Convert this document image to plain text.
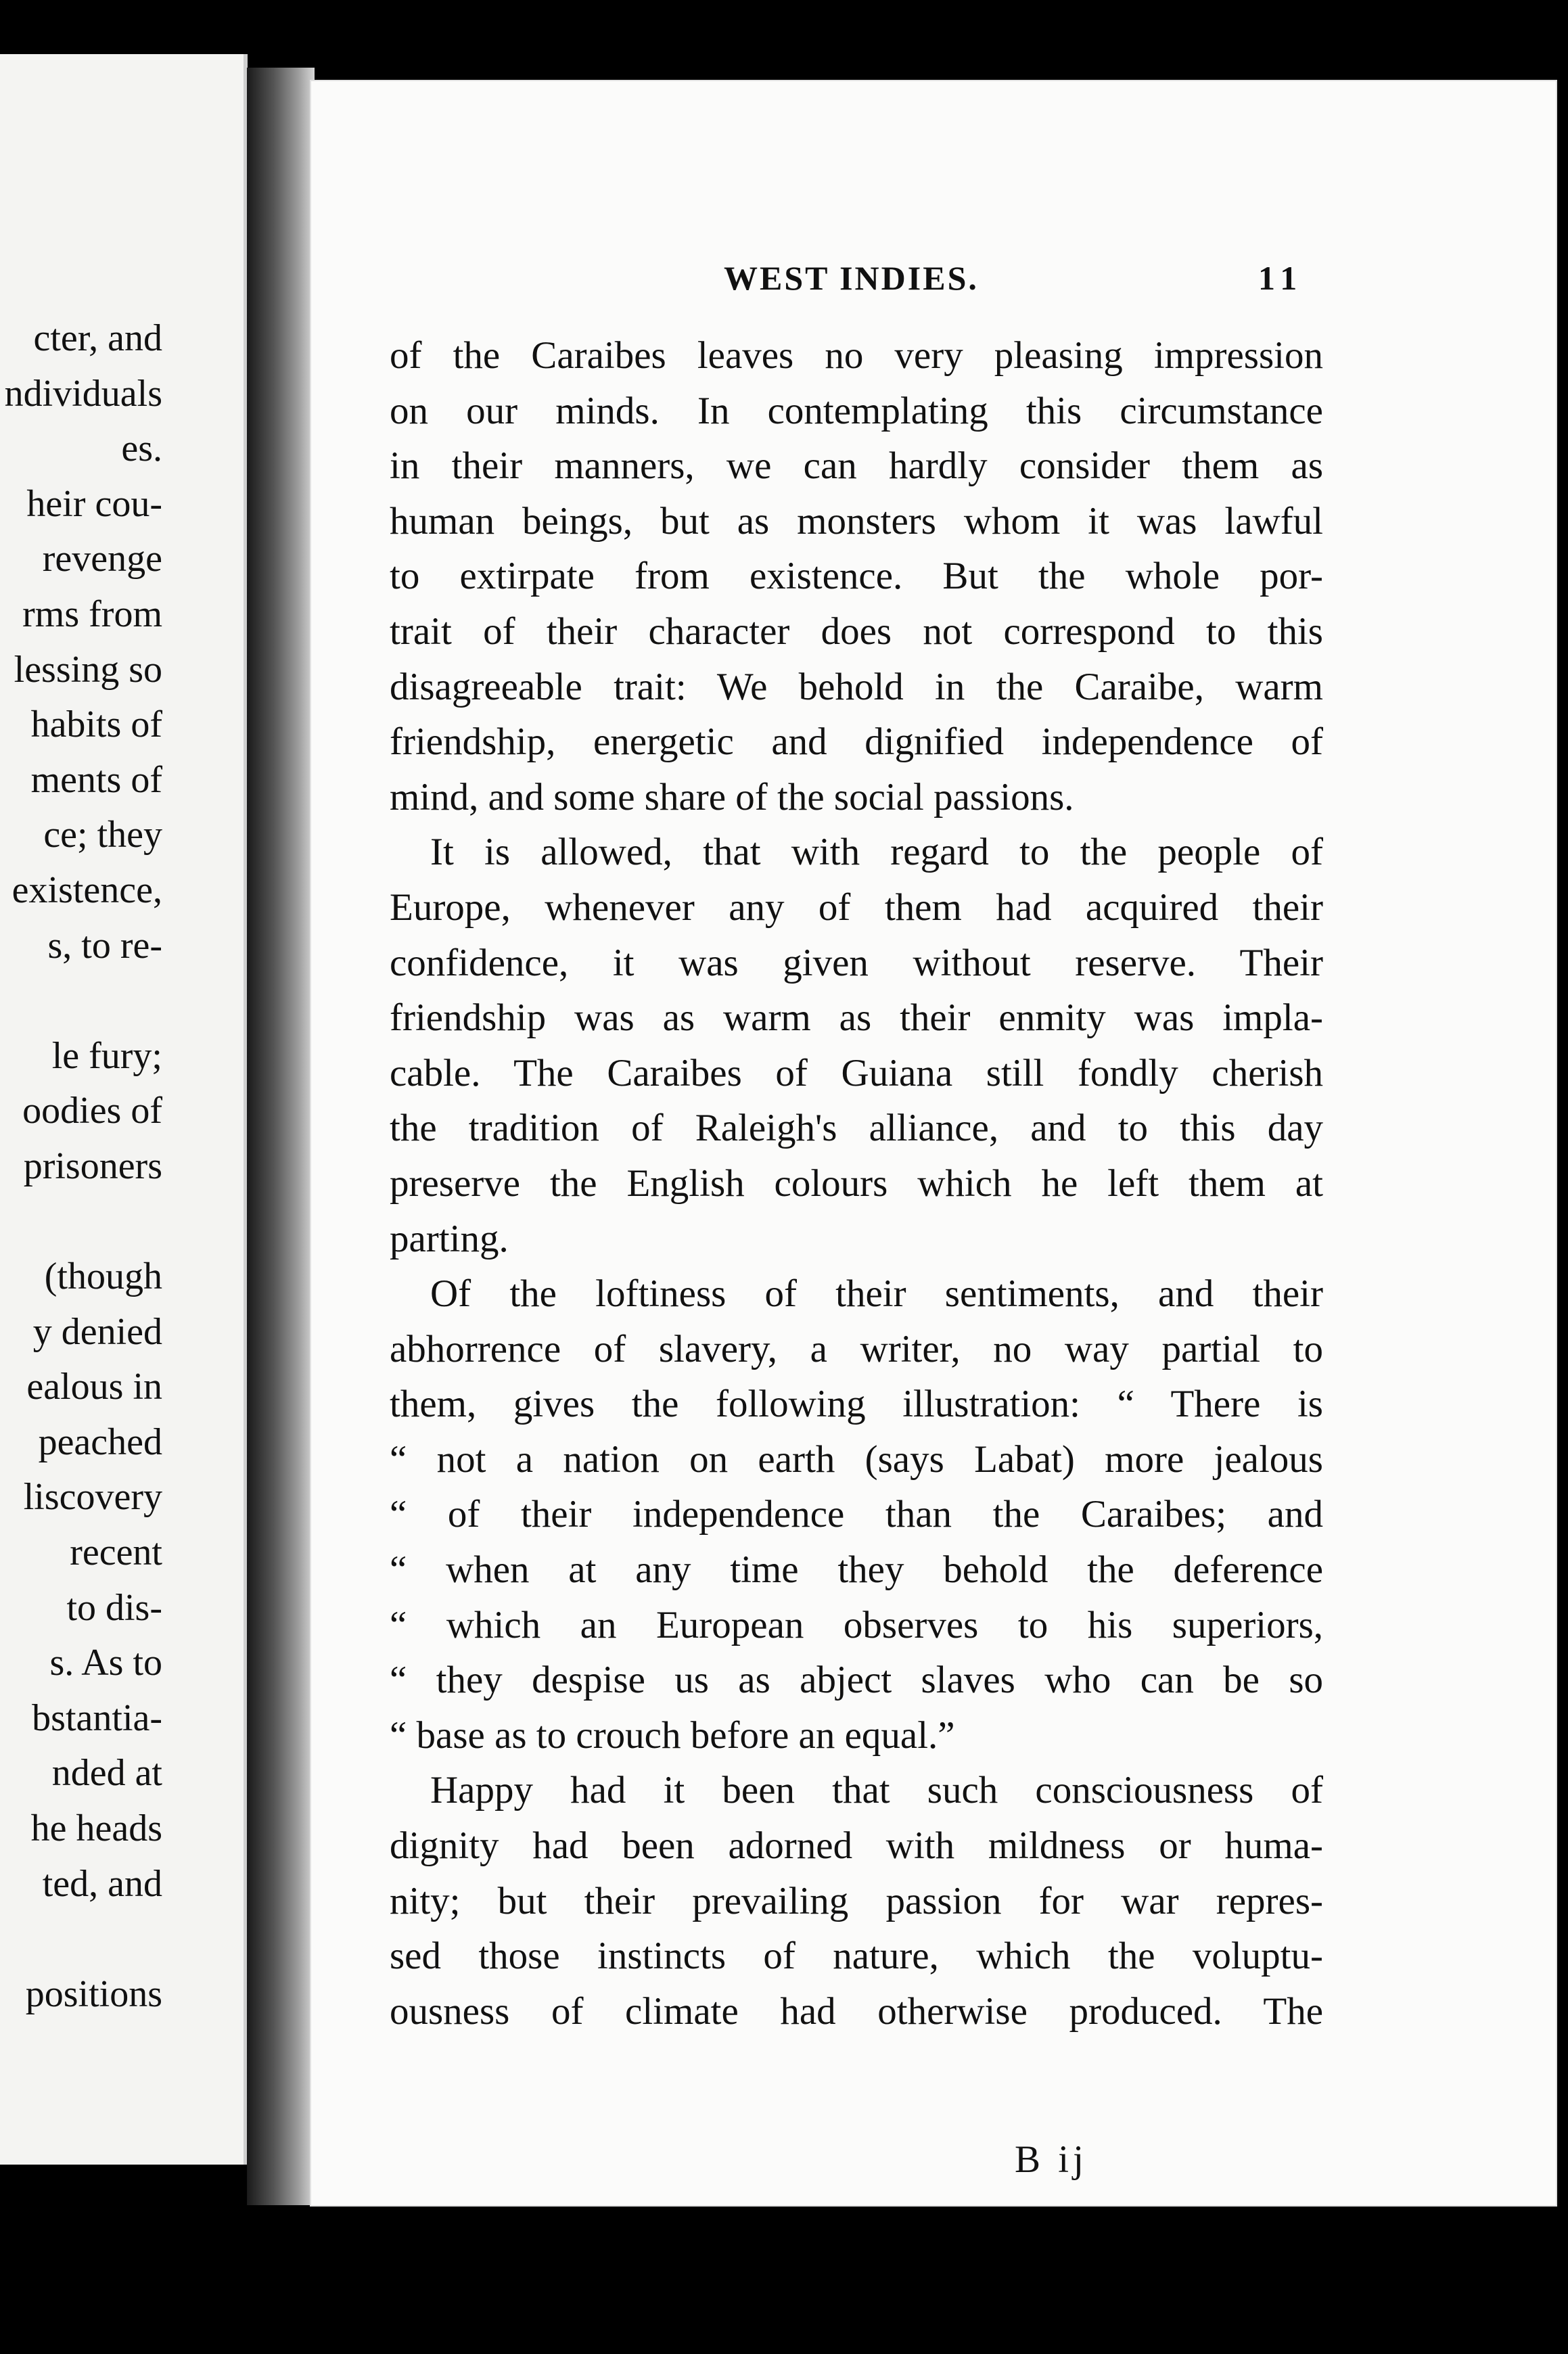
cter, and
ndividuals
es.
heir cou-
revenge
rms from
lessing so
habits of
ments of
ce; they
existence,
s, to re-
le fury;
oodies of
prisoners
(though
y denied
ealous in
peached
liscovery
recent
to dis-
s. As to
bstantia-
nded at
he heads
ted, and
positions
WEST INDIES.	11
of the Caraibes leaves no very pleasing impression
on our minds. In contemplating this circumstance
in their manners, we can hardly consider them as
human beings, but as monsters whom it was lawful
to extirpate from existence. But the whole por-
trait of their character does not correspond to this
disagreeable trait: We behold in the Caraibe, warm
friendship, energetic and dignified independence of
mind, and some share of the social passions.
It is allowed, that with regard to the people of
Europe, whenever any of them had acquired their
confidence, it was given without reserve. Their
friendship was as warm as their enmity was impla-
cable. The Caraibes of Guiana still fondly cherish
the tradition of Raleigh's alliance, and to this day
preserve the English colours which he left them at
parting.
Of the loftiness of their sentiments, and their
abhorrence of slavery, a writer, no way partial to
them, gives the following illustration: “ There is
“ not a nation on earth (says Labat) more jealous
“ of their independence than the Caraibes; and
“ when at any time they behold the deference
“ which an European observes to his superiors,
“ they despise us as abject slaves who can be so
“ base as to crouch before an equal.”
Happy had it been that such consciousness of
dignity had been adorned with mildness or huma-
nity; but their prevailing passion for war repres-
sed those instincts of nature, which the voluptu-
ousness of climate had otherwise produced. The
B ij
